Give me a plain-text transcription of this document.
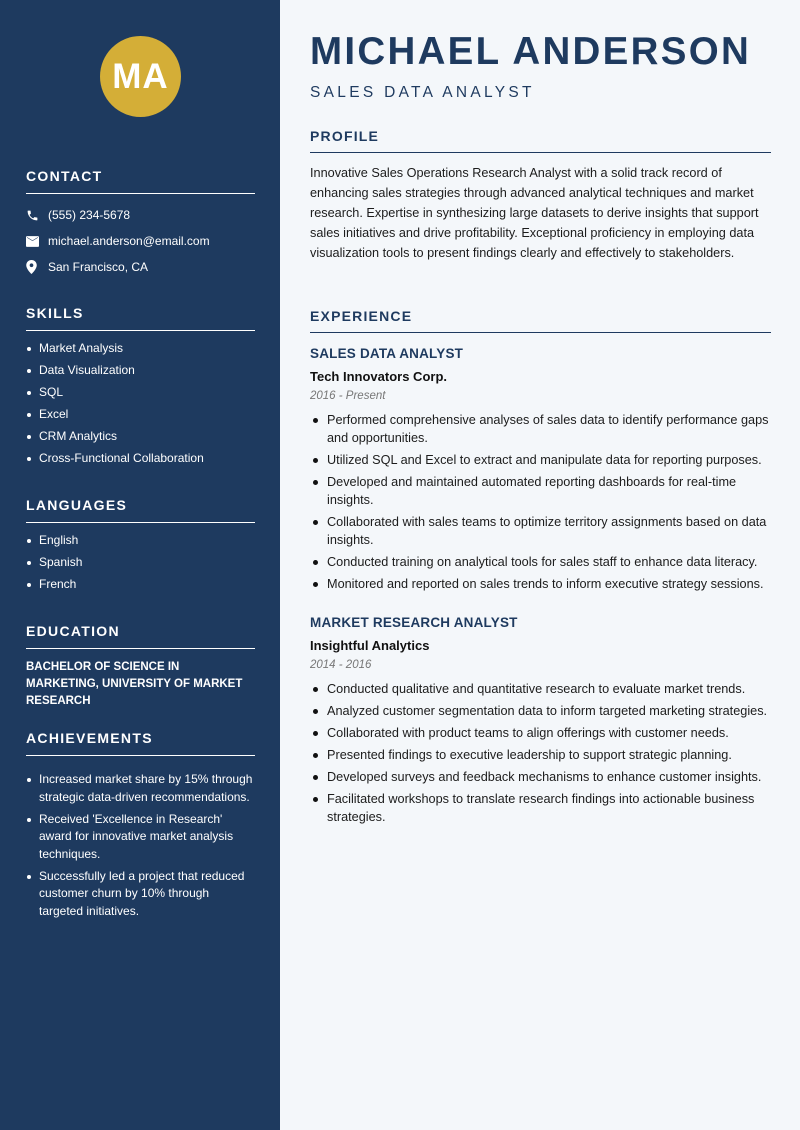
MA
CONTACT
(555) 234-5678
michael.anderson@email.com
San Francisco, CA
SKILLS
Market Analysis
Data Visualization
SQL
Excel
CRM Analytics
Cross-Functional Collaboration
LANGUAGES
English
Spanish
French
EDUCATION
BACHELOR OF SCIENCE IN MARKETING, UNIVERSITY OF MARKET RESEARCH
ACHIEVEMENTS
Increased market share by 15% through strategic data-driven recommendations.
Received 'Excellence in Research' award for innovative market analysis techniques.
Successfully led a project that reduced customer churn by 10% through targeted initiatives.
MICHAEL ANDERSON
SALES DATA ANALYST
PROFILE

Innovative Sales Operations Research Analyst with a solid track record of enhancing sales strategies through advanced analytical techniques and market research. Expertise in synthesizing large datasets to derive insights that support sales initiatives and drive profitability. Exceptional proficiency in employing data visualization tools to present findings clearly and effectively to stakeholders.

EXPERIENCE
SALES DATA ANALYST
Tech Innovators Corp.
2016 - Present
Performed comprehensive analyses of sales data to identify performance gaps and opportunities.
Utilized SQL and Excel to extract and manipulate data for reporting purposes.
Developed and maintained automated reporting dashboards for real-time insights.
Collaborated with sales teams to optimize territory assignments based on data insights.
Conducted training on analytical tools for sales staff to enhance data literacy.
Monitored and reported on sales trends to inform executive strategy sessions.
MARKET RESEARCH ANALYST
Insightful Analytics
2014 - 2016
Conducted qualitative and quantitative research to evaluate market trends.
Analyzed customer segmentation data to inform targeted marketing strategies.
Collaborated with product teams to align offerings with customer needs.
Presented findings to executive leadership to support strategic planning.
Developed surveys and feedback mechanisms to enhance customer insights.
Facilitated workshops to translate research findings into actionable business strategies.
